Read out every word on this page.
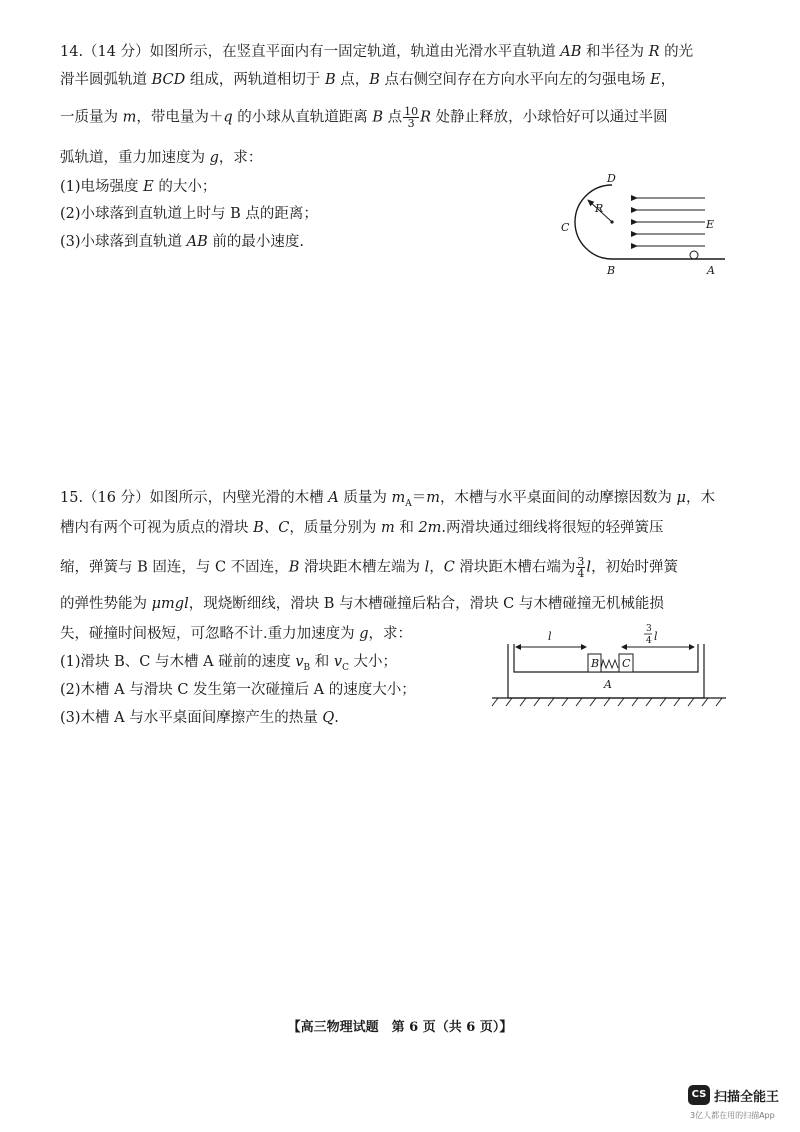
14.（14 分）如图所示，在竖直平面内有一固定轨道，轨道由光滑水平直轨道 AB 和半径为 R 的光
滑半圆弧轨道 BCD 组成，两轨道相切于 B 点，B 点右侧空间存在方向水平向左的匀强电场 E，
一质量为 m，带电量为＋q 的小球从直轨道距离 B 点 $\frac{10}{3}$ R 处静止释放，小球恰好可以通过半圆
弧轨道，重力加速度为 g，求：
(1)电场强度 E 的大小；
(2)小球落到直轨道上时与 B 点的距离；
(3)小球落到直轨道 AB 前的最小速度.
D
C
R
E
B	A
15.（16 分）如图所示，内壁光滑的木槽 A 质量为 $m_A=m$，木槽与水平桌面间的动摩擦因数为 μ，木
槽内有两个可视为质点的滑块 B、C，质量分别为 m 和 2m.两滑块通过细线将很短的轻弹簧压
缩，弹簧与 B 固连，与 C 不固连，B 滑块距木槽左端为 l，C 滑块距木槽右端为 $\frac{3}{4}$ l，初始时弹簧
的弹性势能为 μmgl，现烧断细线，滑块 B 与木槽碰撞后粘合，滑块 C 与木槽碰撞无机械能损
失，碰撞时间极短，可忽略不计.重力加速度为 g，求：
(1)滑块 B、C 与木槽 A 碰前的速度 $v_B$ 和 $v_C$ 大小；
(2)木槽 A 与滑块 C 发生第一次碰撞后 A 的速度大小；
(3)木槽 A 与水平桌面间摩擦产生的热量 Q.
l
3
4 l
B C
A
【高三物理试题　第 6 页（共 6 页）】
CS 扫描全能王
3亿人都在用的扫描App
